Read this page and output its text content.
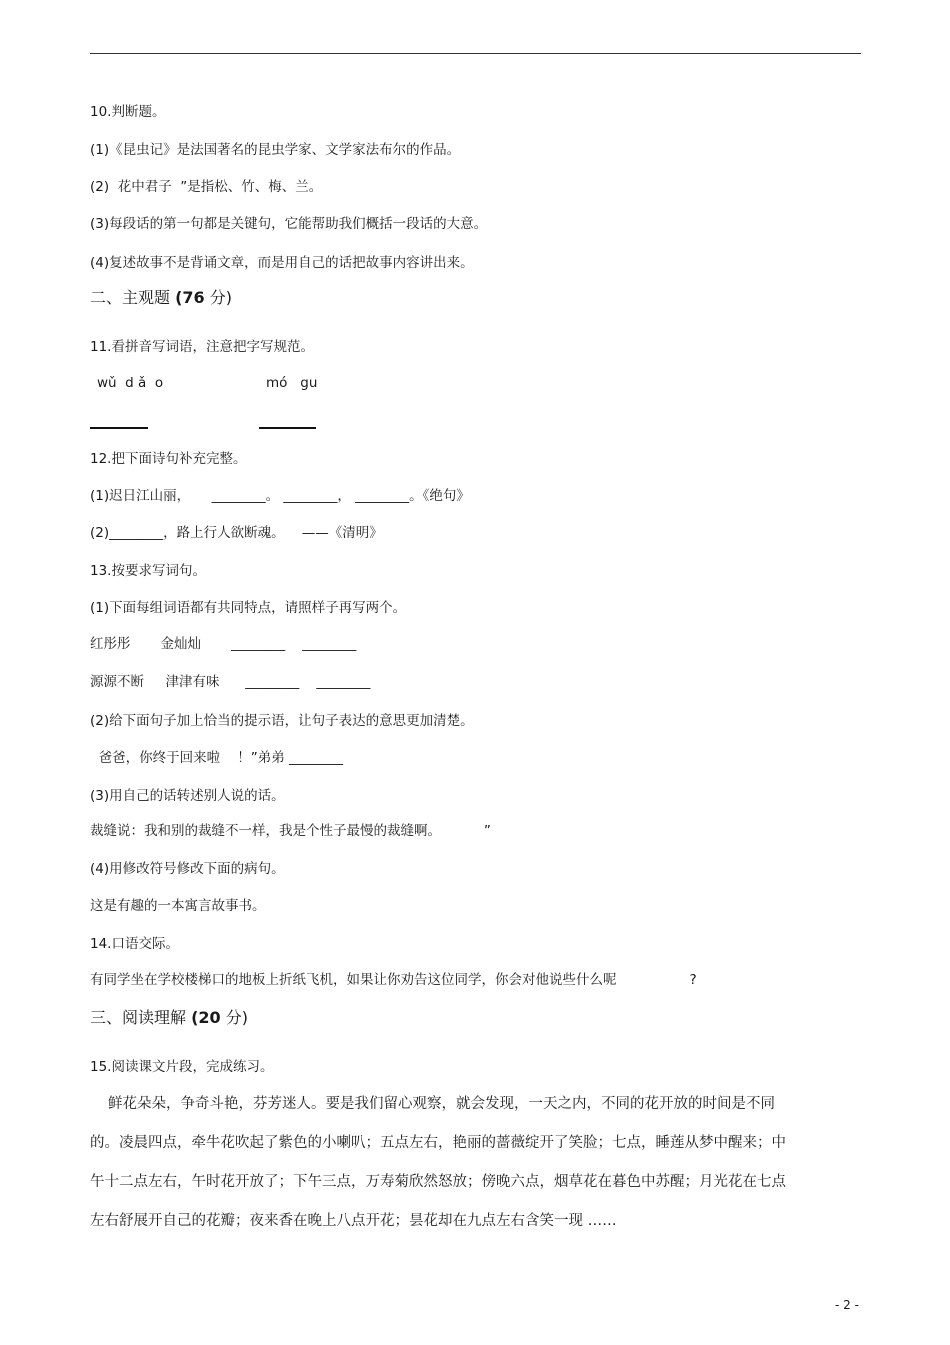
10.判断题。
(1)《昆虫记》是法国著名的昆虫学家、文学家法布尔的作品。
(2)  花中君子  ”是指松、竹、梅、兰。
(3)每段话的第一句都是关键句，它能帮助我们概括一段话的大意。
(4)复述故事不是背诵文章，而是用自己的话把故事内容讲出来。
二、主观题 (76 分)
11.看拼音写词语，注意把字写规范。
wǔ  d ǎ  o	mó   gu
12.把下面诗句补充完整。
(1)迟日江山丽，     ________。 ________， ________。《绝句》
(2)________，路上行人欲断魂。    ——《清明》
13.按要求写词句。
(1)下面每组词语都有共同特点，请照样子再写两个。
红彤彤       金灿灿       ________    ________
源源不断     津津有味      ________    ________
(2)给下面句子加上恰当的提示语，让句子表达的意思更加清楚。
爸爸，你终于回来啦    ！”弟弟 ________
(3)用自己的话转述别人说的话。
裁缝说：我和别的裁缝不一样，我是个性子最慢的裁缝啊。          ”
(4)用修改符号修改下面的病句。
这是有趣的一本寓言故事书。
14.口语交际。
有同学坐在学校楼梯口的地板上折纸飞机，如果让你劝告这位同学，你会对他说些什么呢                 ?
三、阅读理解 (20 分)
15.阅读课文片段，完成练习。
鲜花朵朵，争奇斗艳，芬芳迷人。要是我们留心观察，就会发现，一天之内，不同的花开放的时间是不同的。凌晨四点，牵牛花吹起了紫色的小喇叭；五点左右，艳丽的蔷薇绽开了笑脸；七点，睡莲从梦中醒来；中午十二点左右，午时花开放了；下午三点，万寿菊欣然怒放；傍晚六点，烟草花在暮色中苏醒；月光花在七点左右舒展开自己的花瓣；夜来香在晚上八点开花；昙花却在九点左右含笑一现 ……
- 2 -
